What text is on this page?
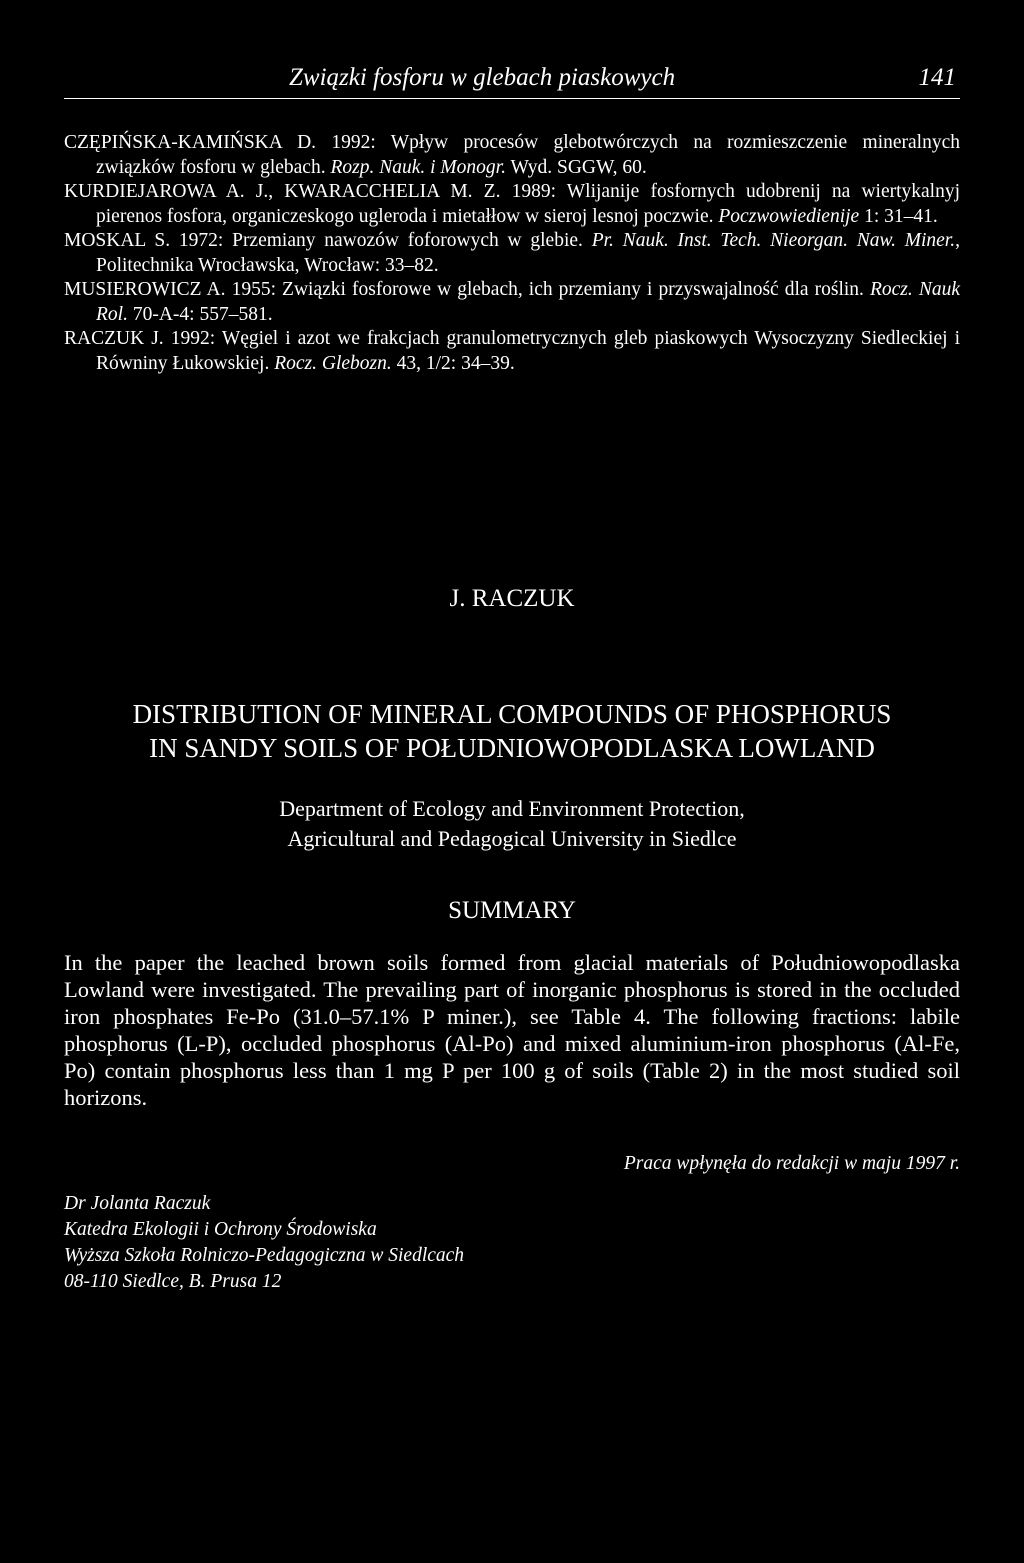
Związki fosforu w glebach piaskowych	141

CZĘPIŃSKA-KAMIŃSKA D. 1992: Wpływ procesów glebotwórczych na rozmieszczenie mineralnych związków fosforu w glebach. Rozp. Nauk. i Monogr. Wyd. SGGW, 60.

KURDIEJAROWA A. J., KWARACCHELIA M. Z. 1989: Wlijanije fosfornych udobrenij na wiertykalnyj pierenos fosfora, organiczeskogo ugleroda i mietałłow w sieroj lesnoj poczwie. Poczwowiedienije 1: 31–41.

MOSKAL S. 1972: Przemiany nawozów foforowych w glebie. Pr. Nauk. Inst. Tech. Nieorgan. Naw. Miner., Politechnika Wrocławska, Wrocław: 33–82.

MUSIEROWICZ A. 1955: Związki fosforowe w glebach, ich przemiany i przyswajalność dla roślin. Rocz. Nauk Rol. 70-A-4: 557–581.

RACZUK J. 1992: Węgiel i azot we frakcjach granulometrycznych gleb piaskowych Wysoczyzny Siedleckiej i Równiny Łukowskiej. Rocz. Glebozn. 43, 1/2: 34–39.

J. RACZUK
DISTRIBUTION OF MINERAL COMPOUNDS OF PHOSPHORUS
IN SANDY SOILS OF POŁUDNIOWOPODLASKA LOWLAND
Department of Ecology and Environment Protection,
Agricultural and Pedagogical University in Siedlce
SUMMARY

In the paper the leached brown soils formed from glacial materials of Południowopodlaska Lowland were investigated. The prevailing part of inorganic phosphorus is stored in the occluded iron phosphates Fe-Po (31.0–57.1% P miner.), see Table 4. The following fractions: labile phosphorus (L-P), occluded phosphorus (Al-Po) and mixed aluminium-iron phosphorus (Al-Fe, Po) contain phosphorus less than 1 mg P per 100 g of soils (Table 2) in the most studied soil horizons.

Praca wpłynęła do redakcji w maju 1997 r.
Dr Jolanta Raczuk
Katedra Ekologii i Ochrony Środowiska
Wyższa Szkoła Rolniczo-Pedagogiczna w Siedlcach
08-110 Siedlce, B. Prusa 12
